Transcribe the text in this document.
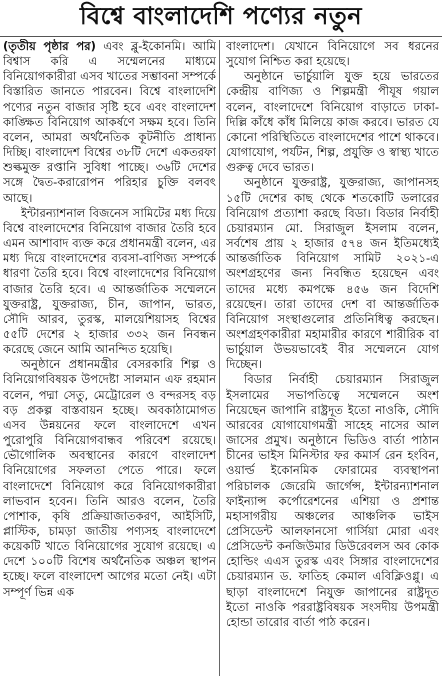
বিশ্বে বাংলাদেশি পণ্যের নতুন

(তৃতীয় পৃষ্ঠার পর) এবং ব্লু-ইকোনমি। আমি বিশ্বাস করি এ সম্মেলনের মাধ্যমে বিনিয়োগকারীরা এসব খাতের সম্ভাবনা সম্পর্কে বিস্তারিত জানতে পারবেন। বিশ্বে বাংলাদেশি পণ্যের নতুন বাজার সৃষ্টি হবে এবং বাংলাদেশ কাঙ্ক্ষিত বিনিয়োগ আকর্ষণে সক্ষম হবে। তিনি বলেন, আমরা অর্থনৈতিক কূটনীতি প্রাধান্য দিচ্ছি। বাংলাদেশ বিশ্বের ৩৮টি দেশে একতরফা শুল্কমুক্ত রপ্তানি সুবিধা পাচ্ছে। ৩৬টি দেশের সঙ্গে দ্বৈত-করারোপন পরিহার চুক্তি বলবৎ আছে।

ইন্টারন্যাশনাল বিজনেস সামিটের মধ্য দিয়ে বিশ্বে বাংলাদেশের বিনিয়োগ বাজার তৈরি হবে এমন আশাবাদ ব্যক্ত করে প্রধানমন্ত্রী বলেন, এর মধ্য দিয়ে বাংলাদেশের ব্যবসা-বাণিজ্য সম্পর্কে ধারণা তৈরি হবে। বিশ্বে বাংলাদেশের বিনিয়োগ বাজার তৈরি হবে। এ আন্তর্জাতিক সম্মেলনে যুক্তরাষ্ট্র, যুক্তরাজ্য, চীন, জাপান, ভারত, সৌদি আরব, তুরস্ক, মালয়েশিয়াসহ বিশ্বের ৫৫টি দেশের ২ হাজার ৩৩২ জন নিবন্ধন করেছে জেনে আমি আনন্দিত হয়েছি।

অনুষ্ঠানে প্রধানমন্ত্রীর বেসরকারি শিল্প ও বিনিয়োগবিষয়ক উপদেষ্টা সালমান এফ রহমান বলেন, পদ্মা সেতু, মেট্রোরেল ও বন্দরসহ বড় বড় প্রকল্প বাস্তবায়ন হচ্ছে। অবকাঠামোগত এসব উন্নয়নের ফলে বাংলাদেশে এখন পুরোপুরি বিনিয়োগবান্ধব পরিবেশ রয়েছে। ভৌগোলিক অবস্থানের কারণে বাংলাদেশ বিনিয়োগের সফলতা পেতে পারে। ফলে বাংলাদেশে বিনিয়োগ করে বিনিয়োগকারীরা লাভবান হবেন। তিনি আরও বলেন, তৈরি পোশাক, কৃষি প্রক্রিয়াজাতকরণ, আইসিটি, প্লাস্টিক, চামড়া জাতীয় পণ্যসহ বাংলাদেশে কয়েকটি খাতে বিনিয়োগের সুযোগ রয়েছে। এ দেশে ১০০টি বিশেষ অর্থনৈতিক অঞ্চল স্থাপন হচ্ছে। ফলে বাংলাদেশ আগের মতো নেই। এটা সম্পূর্ণ ভিন্ন এক

বাংলাদেশ। যেখানে বিনিয়োগে সব ধরনের সুযোগ নিশ্চিত করা হয়েছে।

অনুষ্ঠানে ভার্চুয়ালি যুক্ত হয়ে ভারতের কেন্দ্রীয় বাণিজ্য ও শিল্পমন্ত্রী পীযূষ গয়াল বলেন, বাংলাদেশে বিনিয়োগ বাড়াতে ঢাকা-দিল্লি কাঁধে কাঁধ মিলিয়ে কাজ করবে। ভারত যে কোনো পরিস্থিতিতে বাংলাদেশের পাশে থাকবে। যোগাযোগ, পর্যটন, শিল্প, প্রযুক্তি ও স্বাস্থ্য খাতে গুরুত্ব দেবে ভারত।

অনুষ্ঠানে যুক্তরাষ্ট্র, যুক্তরাজ্য, জাপানসহ ১৫টি দেশের কাছ থেকে শতকোটি ডলারের বিনিয়োগ প্রত্যাশা করছে বিডা। বিডার নির্বাহী চেয়ারম্যান মো. সিরাজুল ইসলাম বলেন, সর্বশেষ প্রায় ২ হাজার ৫৭৪ জন ইতিমধ্যেই আন্তর্জাতিক বিনিয়োগ সামিট ২০২১-এ অংশগ্রহণের জন্য নিবন্ধিত হয়েছেন এবং তাদের মধ্যে কমপক্ষে ৪৫৬ জন বিদেশি রয়েছেন। তারা তাদের দেশ বা আন্তর্জাতিক বিনিয়োগ সংস্থাগুলোর প্রতিনিধিত্ব করছেন। অংশগ্রহণকারীরা মহামারীর কারণে শারীরিক বা ভার্চুয়াল উভয়ভাবেই বীর সম্মেলনে যোগ দিচ্ছেন।

বিডার নির্বাহী চেয়ারম্যান সিরাজুল ইসলামের সভাপতিত্বে সম্মেলনে অংশ নিয়েছেন জাপানি রাষ্ট্রদূত ইতো নাওকি, সৌদি আরবের যোগাযোগমন্ত্রী সাহেহ নাসের আল জাসের প্রমুখ। অনুষ্ঠানে ভিডিও বার্তা পাঠান চীনের ভাইস মিনিস্টার ফর কমার্স রেন হংবিন, ওয়ার্ল্ড ইকোনমিক ফোরামের ব্যবস্থাপনা পরিচালক জেরেমি জার্গেন্স, ইন্টারন্যাশনাল ফাইন্যান্স কর্পোরেশনের এশিয়া ও প্রশান্ত মহাসাগরীয় অঞ্চলের আঞ্চলিক ভাইস প্রেসিডেন্ট আলফানসো গার্সিয়া মোরা এবং প্রেসিডেন্ট কনজিউমার ডিউরেবলস অব কোক হোল্ডিং এএস তুরস্ক এবং সিঙ্গার বাংলাদেশের চেয়ারম্যান ড. ফাতিহ কেমাল এবিক্লিওগ্লু। এ ছাড়া বাংলাদেশে নিযুক্ত জাপানের রাষ্ট্রদূত ইতো নাওকি পররাষ্ট্রবিষয়ক সংসদীয় উপমন্ত্রী হোন্ডা তারোর বার্তা পাঠ করেন।
